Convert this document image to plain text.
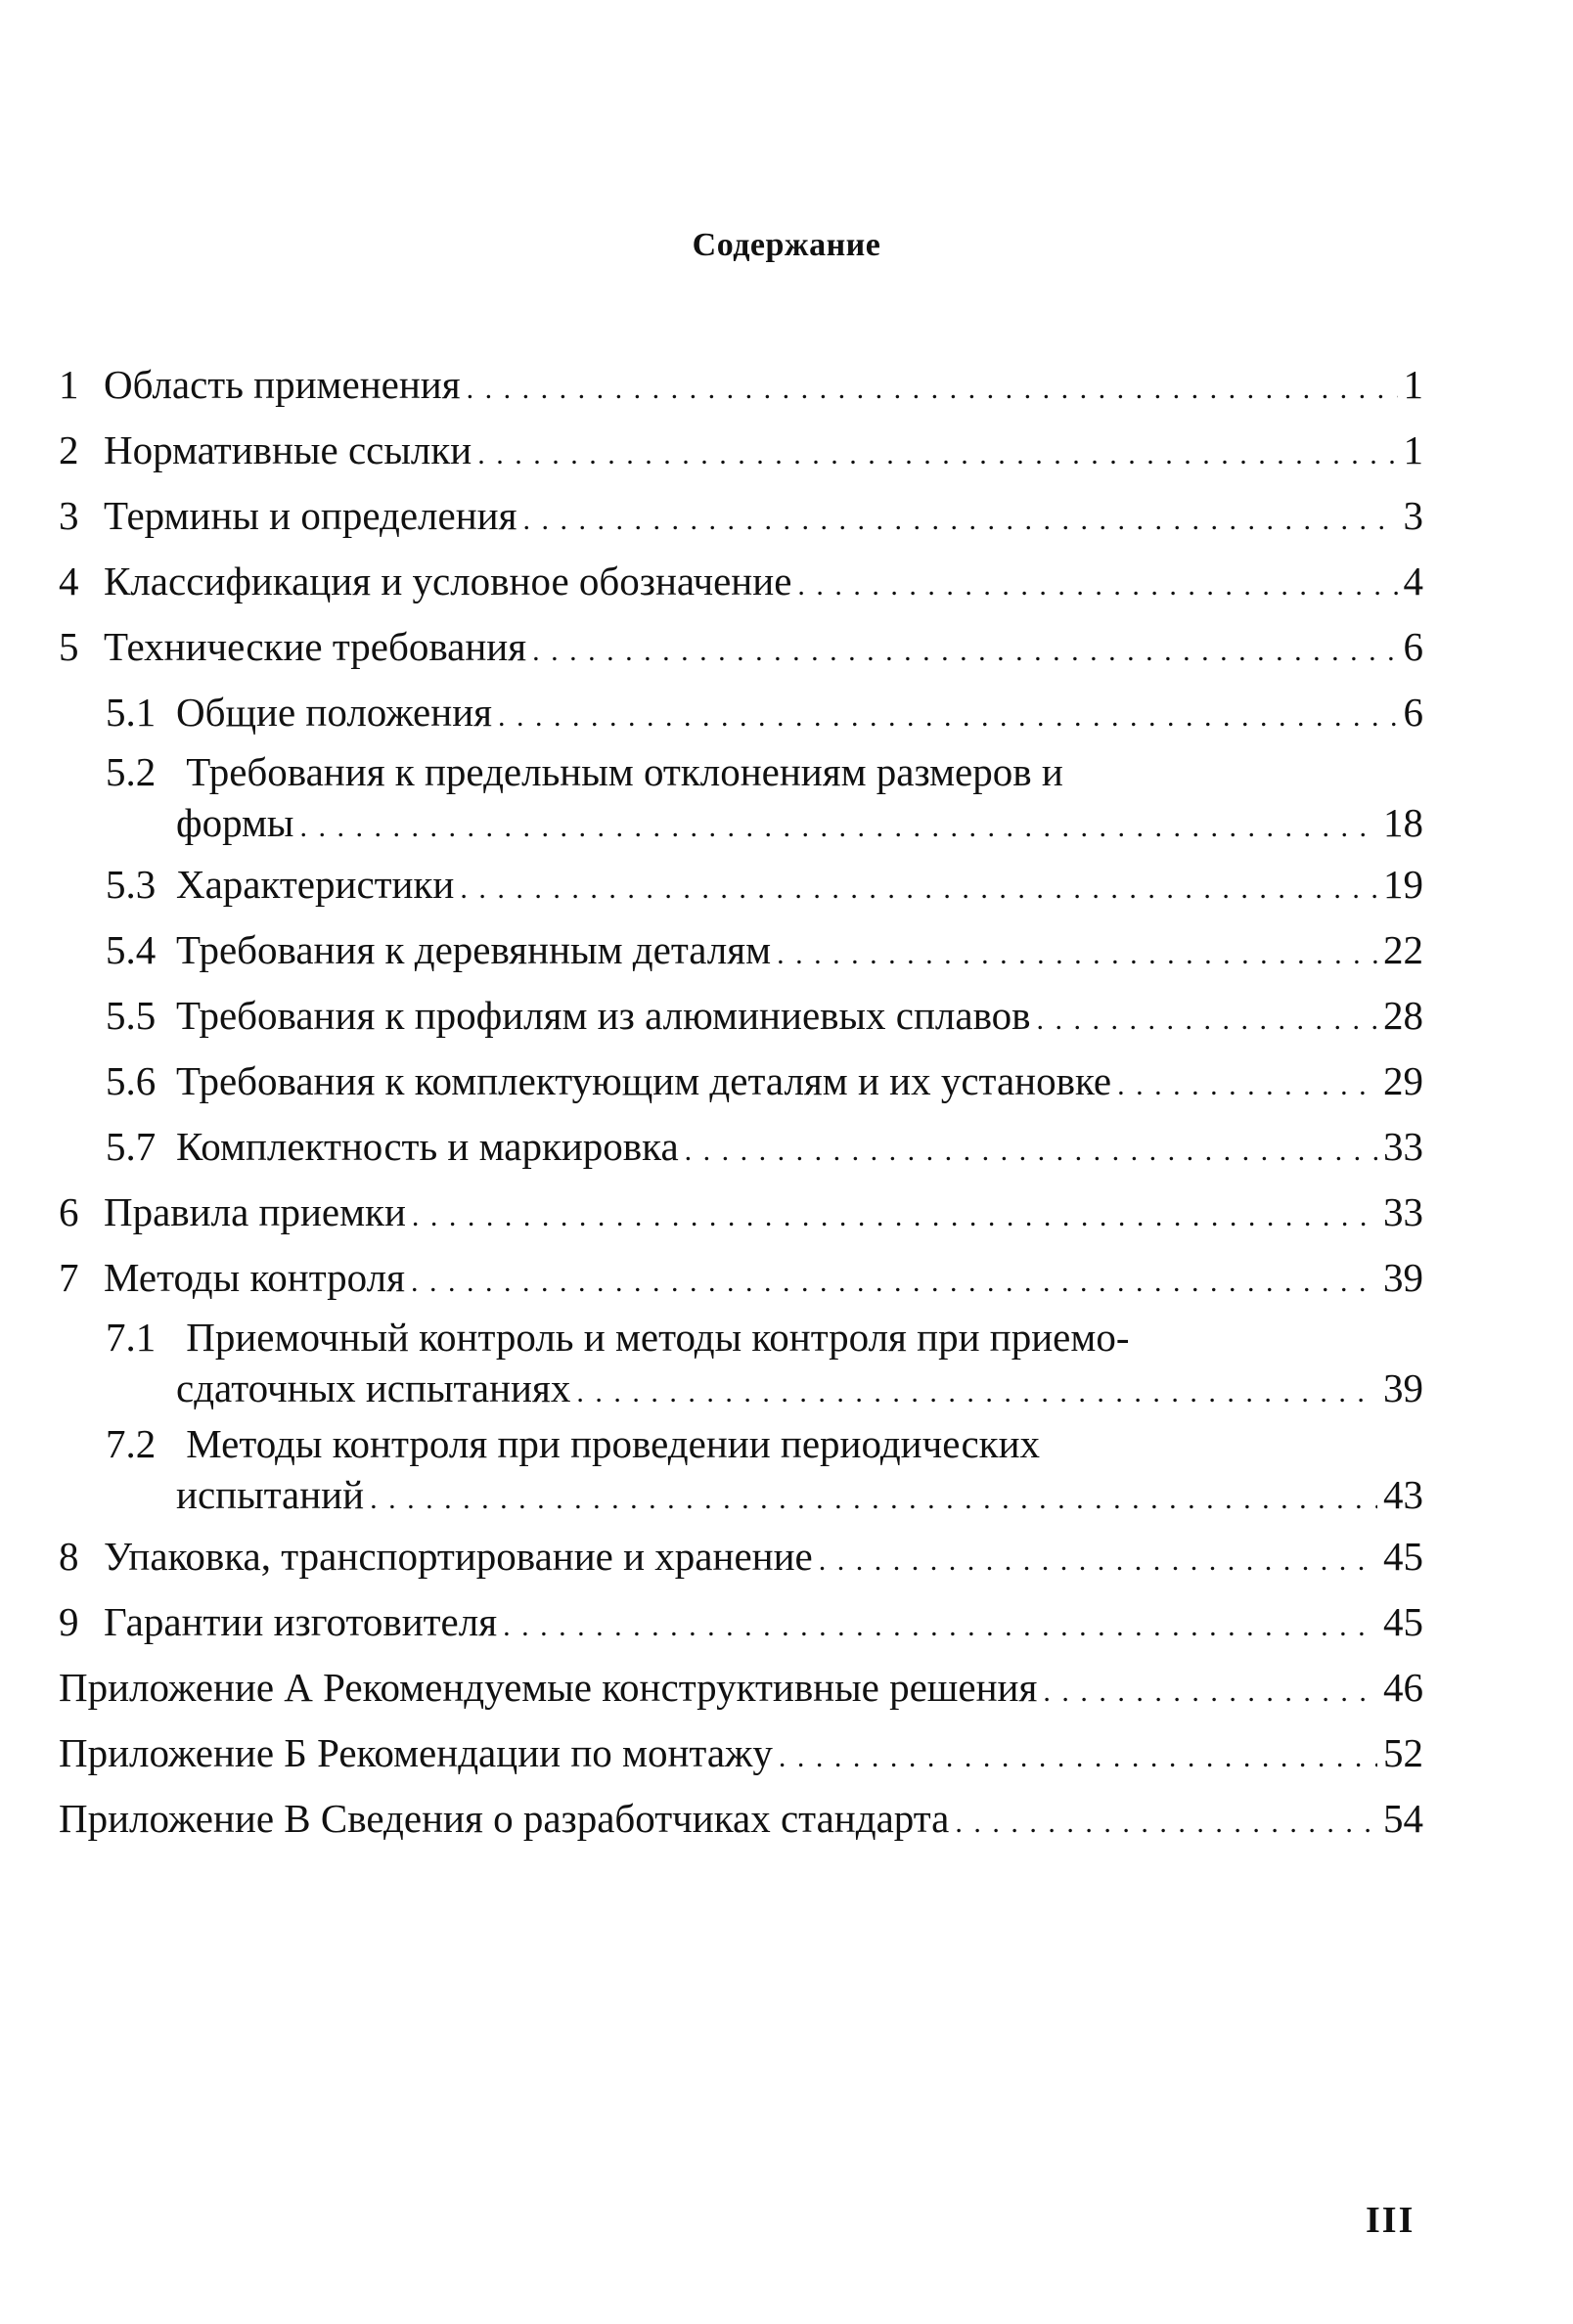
Содержание
1 Область применения . . .	1
2 Нормативные ссылки . . .	1
3 Термины и определения . . .	3
4 Классификация и условное обозначение . . .	4
5 Технические требования . . .	6
5.1 Общие положения . . .	6
5.2 Требования к предельным отклонениям размеров и
формы . . .	18
5.3 Характеристики . . .	19
5.4 Требования к деревянным деталям . . .	22
5.5 Требования к профилям из алюминиевых сплавов . . .	28
5.6 Требования к комплектующим деталям и их установке . . .	29
5.7 Комплектность и маркировка . . .	33
6 Правила приемки . . .	33
7 Методы контроля . . .	39
7.1 Приемочный контроль и методы контроля при приемо-
сдаточных испытаниях . . .	39
7.2 Методы контроля при проведении периодических
испытаний . . .	43
8 Упаковка, транспортирование и хранение . . .	45
9 Гарантии изготовителя . . .	45
Приложение А Рекомендуемые конструктивные решения . . .	46
Приложение Б Рекомендации по монтажу . . .	52
Приложение В Сведения о разработчиках стандарта . . .	54
III
